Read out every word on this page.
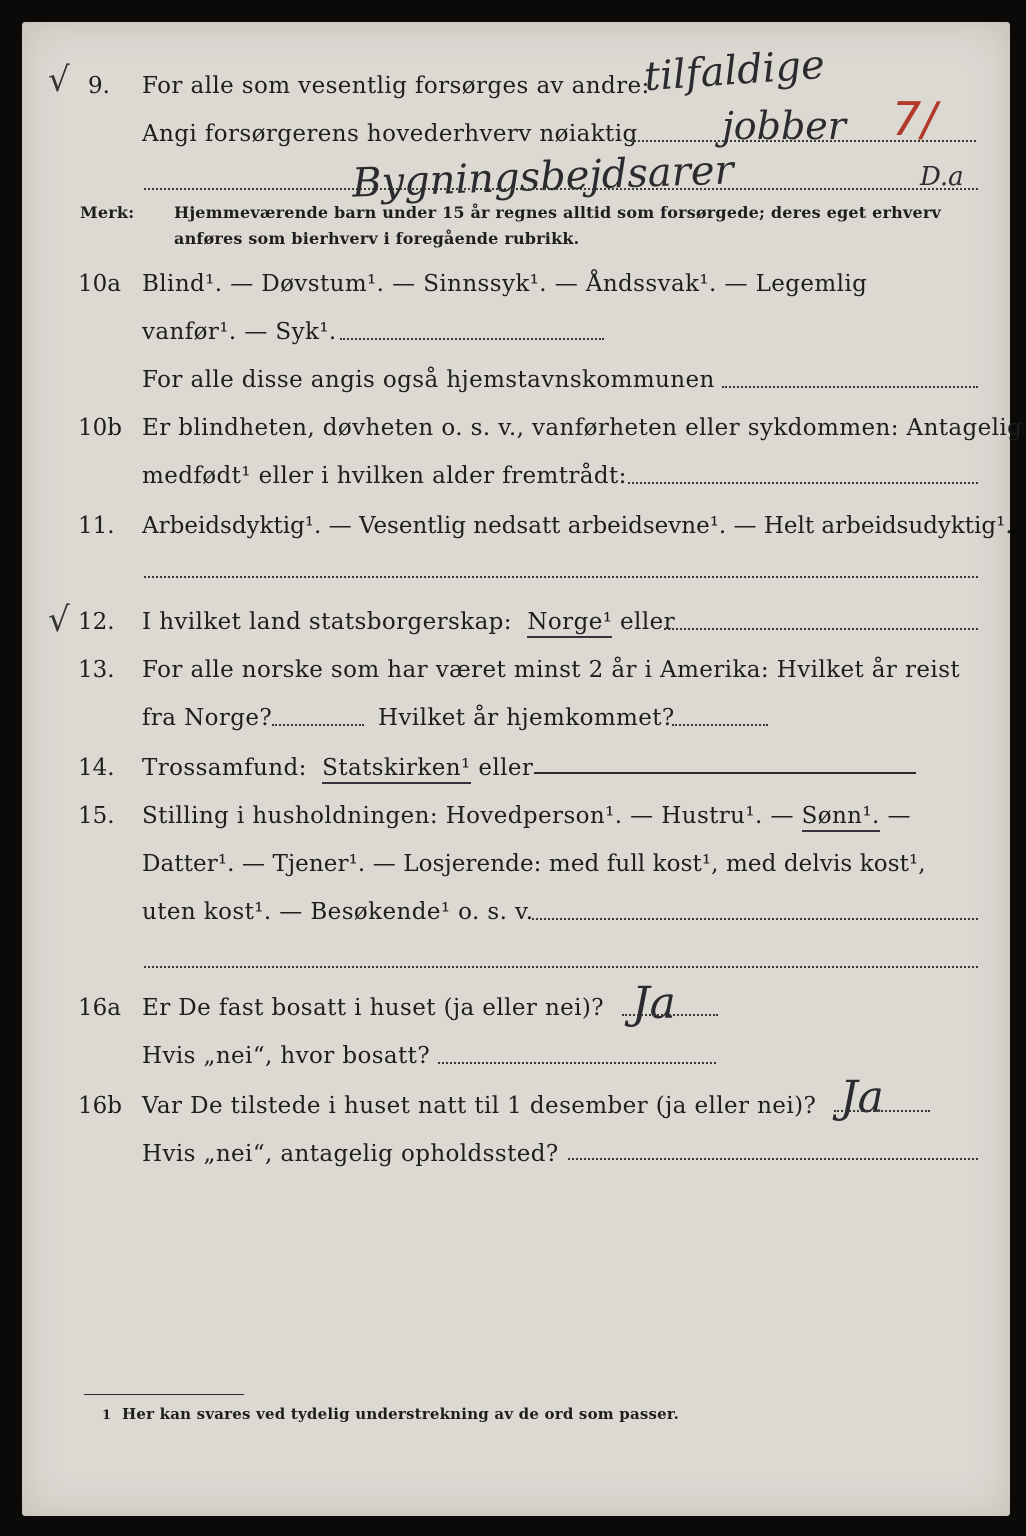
√ 9. For alle som vesentlig forsørges av andre:
tilfaldige
Angi forsørgerens hovederhverv nøiaktig jobber 7/
Bygningsbejdsarer	D.a
Merk: Hjemmeværende barn under 15 år regnes alltid som forsørgede; deres eget erhverv
anføres som bierhverv i foregående rubrikk.
10a Blind¹. — Døvstum¹. — Sinnssyk¹. — Åndssvak¹. — Legemlig
vanfør¹. — Syk¹.
For alle disse angis også hjemstavnskommunen
10b Er blindheten, døvheten o. s. v., vanførheten eller sykdommen: Antagelig
medfødt¹ eller i hvilken alder fremtrådt:
11. Arbeidsdyktig¹. — Vesentlig nedsatt arbeidsevne¹. — Helt arbeidsudyktig¹.
√ 12. I hvilket land statsborgerskap: Norge¹ eller
13. For alle norske som har været minst 2 år i Amerika: Hvilket år reist
fra Norge?	Hvilket år hjemkommet?
14. Trossamfund: Statskirken¹ eller
15. Stilling i husholdningen: Hovedperson¹. — Hustru¹. — Sønn¹. —
Datter¹. — Tjener¹. — Losjerende: med full kost¹, med delvis kost¹,
uten kost¹. — Besøkende¹ o. s. v.
16a Er De fast bosatt i huset (ja eller nei)? Ja
Hvis „nei“, hvor bosatt?
16b Var De tilstede i huset natt til 1 desember (ja eller nei)? Ja
Hvis „nei“, antagelig opholdssted?
1 Her kan svares ved tydelig understrekning av de ord som passer.
